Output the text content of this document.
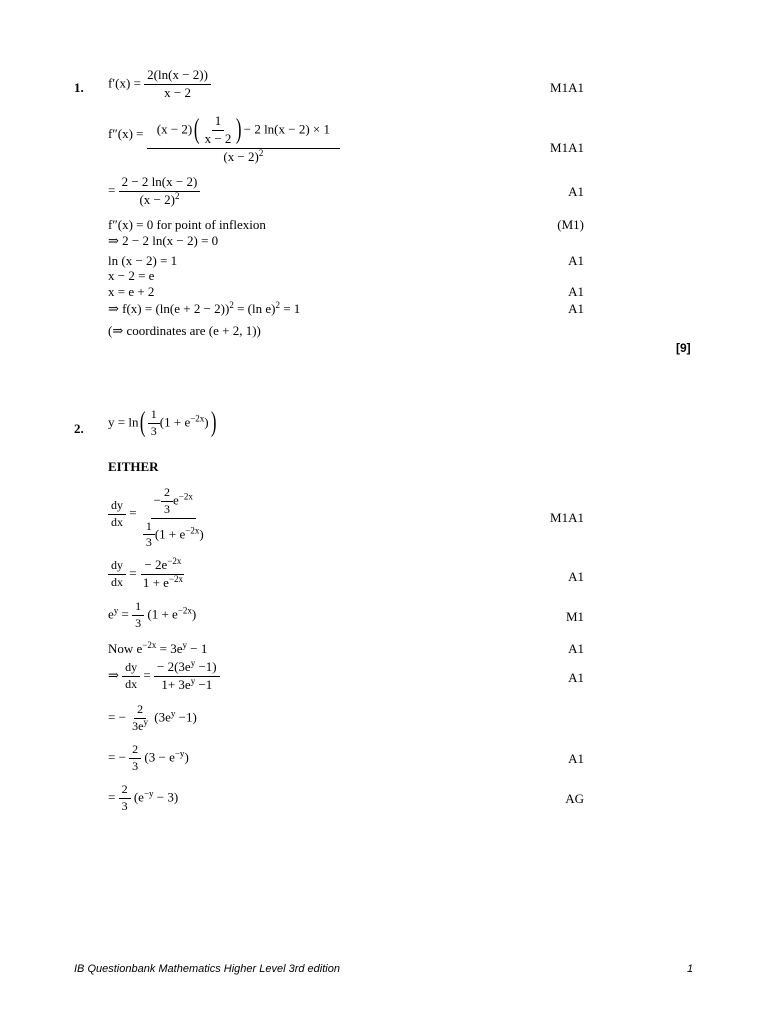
1. $f'(x) = \frac{2(\ln(x - 2))}{x - 2}$	M1A1
$f''(x) = \frac{(x - 2)( \frac{1}{x - 2} ) - 2 \ln(x - 2) \times 1}{(x - 2)^2}$	M1A1
= $\frac{2 - 2 \ln(x - 2)}{(x - 2)^2}$	A1
f″(x) = 0 for point of inflexion	(M1)
⇒ 2 − 2 ln(x − 2) = 0
ln (x − 2) = 1	A1
x − 2 = e
x = e + 2	A1
⇒ $f(x) = (\ln(e + 2 - 2))^2 = (\ln$ e)$^2$ = 1	A1
(⇒ coordinates are (e + 2, 1))
[9]
2. $y = \ln( \frac{1}{3} (1 + e^{-2x}))$
EITHER
$\frac{dy}{dx} = \frac{- \frac{2}{3} e^{-2x}}{\frac{1}{3} (1 + e^{-2x})}$	M1A1
$\frac{dy}{dx} = \frac{- 2e^{-2x}}{1 + e^{-2x}}$	A1
$e^y = \frac{1}{3} (1 + e^{-2x})$	M1
Now $e^{-2x} = 3e^y - 1$	A1
⇒ $\frac{dy}{dx} = \frac{- 2(3e^y -1)}{1+ 3e^y -1}$	A1
= − $\frac{2}{3e^y} (3e^y -1)$
= − $\frac{2}{3} (3 - e^{-y})$	A1
= $\frac{2}{3} (e^{-y} - 3)$	AG
IB Questionbank Mathematics Higher Level 3rd edition	1
